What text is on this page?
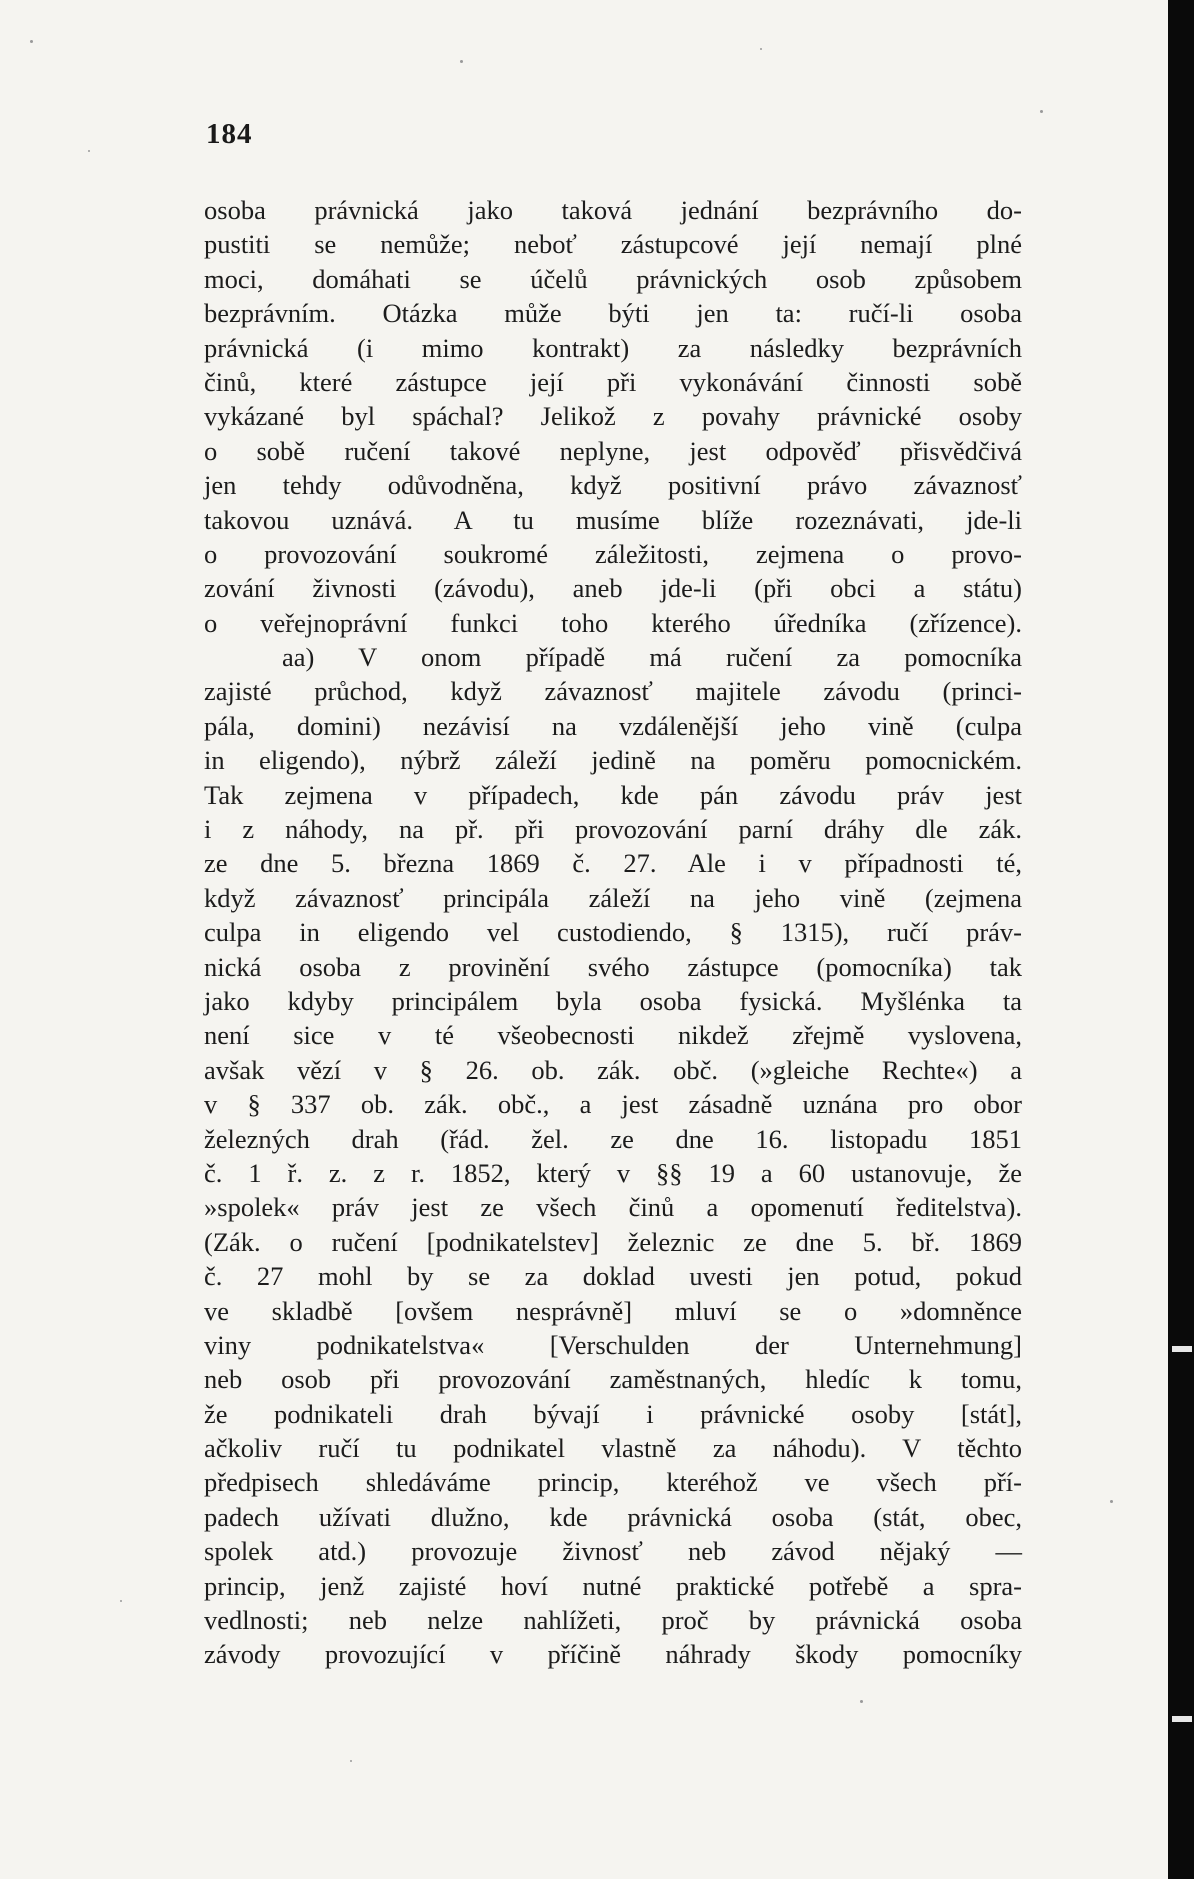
184
osoba právnická jako taková jednání bezprávního do-
pustiti se nemůže; neboť zástupcové její nemají plné
moci, domáhati se účelů právnických osob způsobem
bezprávním. Otázka může býti jen ta: ručí-li osoba
právnická (i mimo kontrakt) za následky bezprávních
činů, které zástupce její při vykonávání činnosti sobě
vykázané byl spáchal? Jelikož z povahy právnické osoby
o sobě ručení takové neplyne, jest odpověď přisvědčivá
jen tehdy odůvodněna, když positivní právo závaznosť
takovou uznává. A tu musíme blíže rozeznávati, jde-li
o provozování soukromé záležitosti, zejmena o provo-
zování živnosti (závodu), aneb jde-li (při obci a státu)
o veřejnoprávní funkci toho kterého úředníka (zřízence).
aa) V onom případě má ručení za pomocníka
zajisté průchod, když závaznosť majitele závodu (princi-
pála, domini) nezávisí na vzdálenější jeho vině (culpa
in eligendo), nýbrž záleží jedině na poměru pomocnickém.
Tak zejmena v případech, kde pán závodu práv jest
i z náhody, na př. při provozování parní dráhy dle zák.
ze dne 5. března 1869 č. 27. Ale i v případnosti té,
když závaznosť principála záleží na jeho vině (zejmena
culpa in eligendo vel custodiendo, § 1315), ručí práv-
nická osoba z provinění svého zástupce (pomocníka) tak
jako kdyby principálem byla osoba fysická. Myšlénka ta
není sice v té všeobecnosti nikdež zřejmě vyslovena,
avšak vězí v § 26. ob. zák. obč. (»gleiche Rechte«) a
v § 337 ob. zák. obč., a jest zásadně uznána pro obor
železných drah (řád. žel. ze dne 16. listopadu 1851
č. 1 ř. z. z r. 1852, který v §§ 19 a 60 ustanovuje, že
»spolek« práv jest ze všech činů a opomenutí ředitelstva).
(Zák. o ručení [podnikatelstev] železnic ze dne 5. bř. 1869
č. 27 mohl by se za doklad uvesti jen potud, pokud
ve skladbě [ovšem nesprávně] mluví se o »domněnce
viny podnikatelstva« [Verschulden der Unternehmung]
neb osob při provozování zaměstnaných, hledíc k tomu,
že podnikateli drah bývají i právnické osoby [stát],
ačkoliv ručí tu podnikatel vlastně za náhodu). V těchto
předpisech shledáváme princip, kteréhož ve všech pří-
padech užívati dlužno, kde právnická osoba (stát, obec,
spolek atd.) provozuje živnosť neb závod nějaký —
princip, jenž zajisté hoví nutné praktické potřebě a spra-
vedlnosti; neb nelze nahlížeti, proč by právnická osoba
závody provozující v příčině náhrady škody pomocníky
